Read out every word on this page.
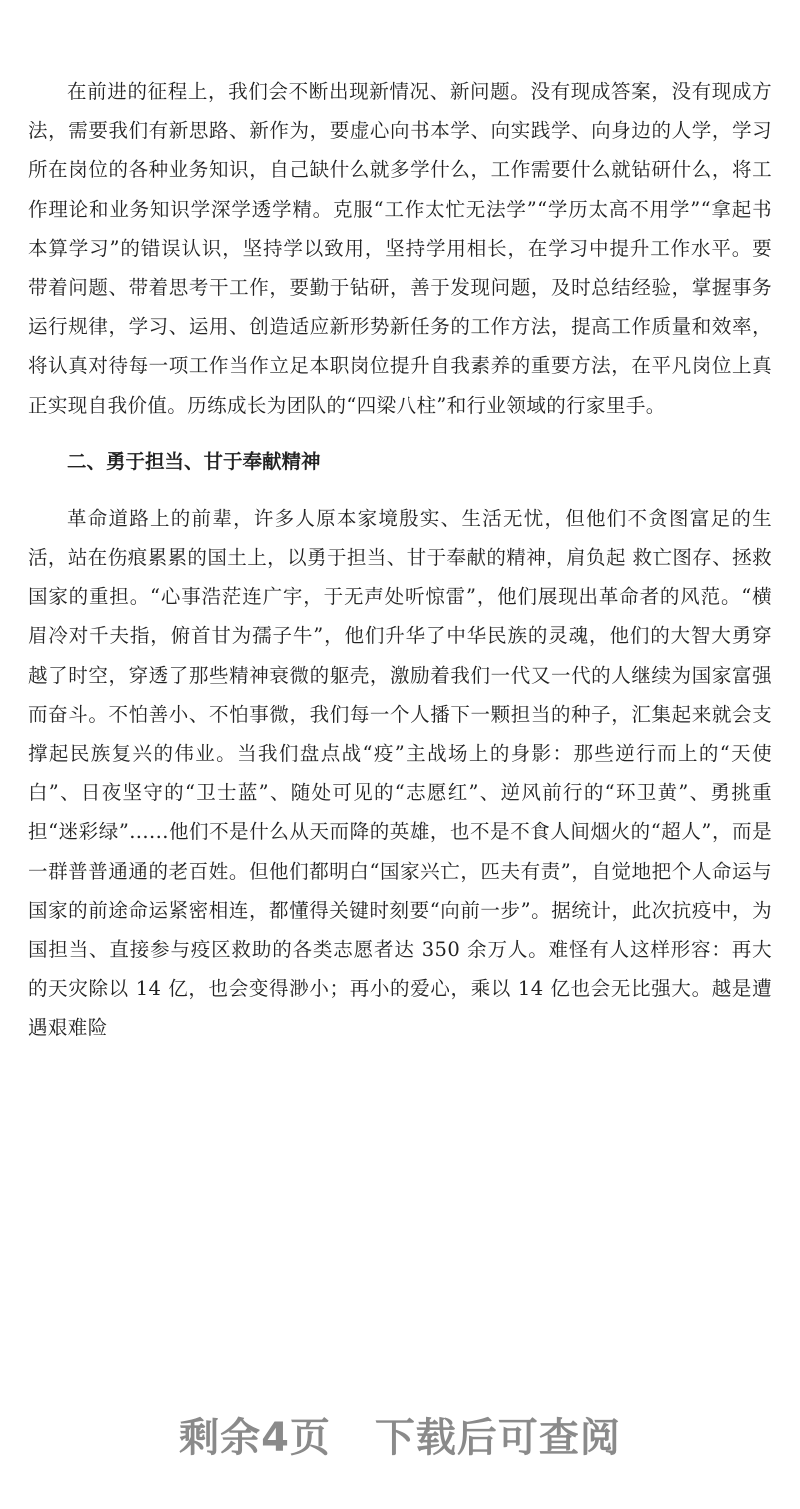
在前进的征程上，我们会不断出现新情况、新问题。没有现成答案，没有现成方法，需要我们有新思路、新作为，要虚心向书本学、向实践学、向身边的人学，学习所在岗位的各种业务知识，自己缺什么就多学什么，工作需要什么就钻研什么，将工作理论和业务知识学深学透学精。克服“工作太忙无法学”“学历太高不用学”“拿起书本算学习”的错误认识，坚持学以致用，坚持学用相长，在学习中提升工作水平。要带着问题、带着思考干工作，要勤于钻研，善于发现问题，及时总结经验，掌握事务运行规律，学习、运用、创造适应新形势新任务的工作方法，提高工作质量和效率，将认真对待每一项工作当作立足本职岗位提升自我素养的重要方法，在平凡岗位上真正实现自我价值。历练成长为团队的“四梁八柱”和行业领域的行家里手。

二、勇于担当、甘于奉献精神

革命道路上的前辈，许多人原本家境殷实、生活无忧，但他们不贪图富足的生活，站在伤痕累累的国土上，以勇于担当、甘于奉献的精神，肩负起 救亡图存、拯救国家的重担。“心事浩茫连广宇，于无声处听惊雷”，他们展现出革命者的风范。“横眉冷对千夫指，俯首甘为孺子牛”，他们升华了中华民族的灵魂，他们的大智大勇穿越了时空，穿透了那些精神衰微的躯壳，激励着我们一代又一代的人继续为国家富强而奋斗。不怕善小、不怕事微，我们每一个人播下一颗担当的种子，汇集起来就会支撑起民族复兴的伟业。当我们盘点战“疫”主战场上的身影：那些逆行而上的“天使白”、日夜坚守的“卫士蓝”、随处可见的“志愿红”、逆风前行的“环卫黄”、勇挑重担“迷彩绿”......他们不是什么从天而降的英雄，也不是不食人间烟火的“超人”，而是一群普普通通的老百姓。但他们都明白“国家兴亡，匹夫有责”，自觉地把个人命运与国家的前途命运紧密相连，都懂得关键时刻要“向前一步”。据统计，此次抗疫中，为国担当、直接参与疫区救助的各类志愿者达 350 余万人。难怪有人这样形容：再大的天灾除以 14 亿，也会变得渺小；再小的爱心，乘以 14 亿也会无比强大。越是遭遇艰难险

剩余4页 下载后可查阅
